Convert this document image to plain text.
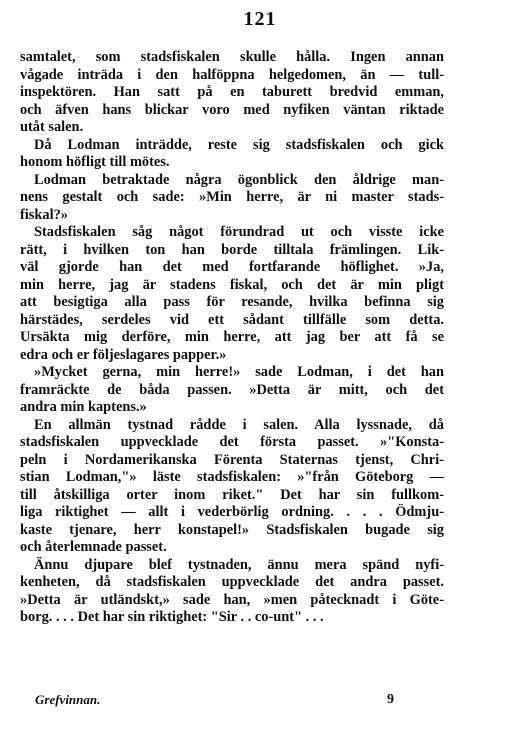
121
samtalet, som stadsfiskalen skulle hålla. Ingen annan
vågade inträda i den halföppna helgedomen, än — tull-
inspektören. Han satt på en taburett bredvid emman,
och äfven hans blickar voro med nyfiken väntan riktade
utåt salen.
Då Lodman inträdde, reste sig stadsfiskalen och gick
honom höfligt till mötes.
Lodman betraktade några ögonblick den åldrige man-
nens gestalt och sade: »Min herre, är ni master stads-
fiskal?»
Stadsfiskalen såg något förundrad ut och visste icke
rätt, i hvilken ton han borde tilltala främlingen. Lik-
väl gjorde han det med fortfarande höflighet. »Ja,
min herre, jag är stadens fiskal, och det är min pligt
att besigtiga alla pass för resande, hvilka befinna sig
härstädes, serdeles vid ett sådant tillfälle som detta.
Ursäkta mig derföre, min herre, att jag ber att få se
edra och er följeslagares papper.»
»Mycket gerna, min herre!» sade Lodman, i det han
framräckte de båda passen. »Detta är mitt, och det
andra min kaptens.»
En allmän tystnad rådde i salen. Alla lyssnade, då
stadsfiskalen uppvecklade det första passet. »"Konsta-
peln i Nordamerikanska Förenta Staternas tjenst, Chri-
stian Lodman,"» läste stadsfiskalen: »"från Göteborg —
till åtskilliga orter inom riket." Det har sin fullkom-
liga riktighet — allt i vederbörlig ordning. . . . Ödmju-
kaste tjenare, herr konstapel!» Stadsfiskalen bugade sig
och återlemnade passet.
Ännu djupare blef tystnaden, ännu mera spänd nyfi-
kenheten, då stadsfiskalen uppvecklade det andra passet.
»Detta är utländskt,» sade han, »men påtecknadt i Göte-
borg. . . . Det har sin riktighet: "Sir . . co-unt" . . .
Grefvinnan.	9
